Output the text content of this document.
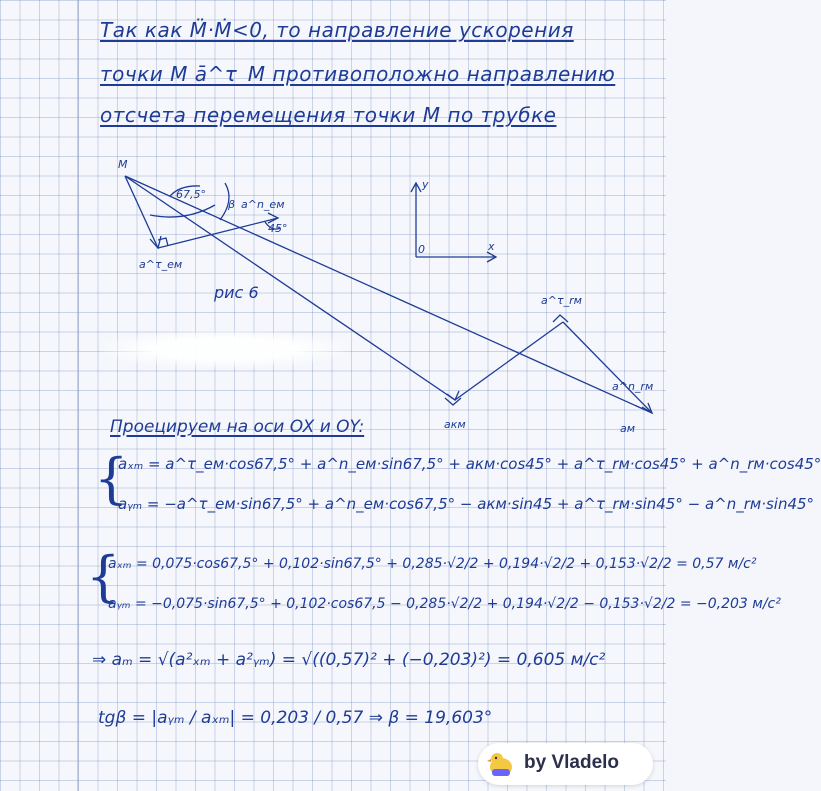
Так как M̈·Ṁ<0, то направление ускорения
точки M ā^τ_M противоположно направлению
отсчета перемещения точки M по трубке
M
67,5°
β a^n_eм
45°
a^τ_eм
y
x
0
aкм
a^τ_rм
a^n_rм
aм
рис 6
Проецируем на оси OX и OY:
{
aₓₘ = a^τ_eм·cos67,5° + a^n_eм·sin67,5° + aкм·cos45° + a^τ_rм·cos45° + a^n_rм·cos45°
aᵧₘ = −a^τ_eм·sin67,5° + a^n_eм·cos67,5° − aкм·sin45 + a^τ_rм·sin45° − a^n_rм·sin45°
{
aₓₘ = 0,075·cos67,5° + 0,102·sin67,5° + 0,285·√2/2 + 0,194·√2/2 + 0,153·√2/2 = 0,57 м/с²
aᵧₘ = −0,075·sin67,5° + 0,102·cos67,5 − 0,285·√2/2 + 0,194·√2/2 − 0,153·√2/2 = −0,203 м/с²
⇒ aₘ = √(a²ₓₘ + a²ᵧₘ) = √((0,57)² + (−0,203)²) = 0,605 м/с²
tgβ = |aᵧₘ / aₓₘ| = 0,203 / 0,57 ⇒ β = 19,603°
by Vladelo
